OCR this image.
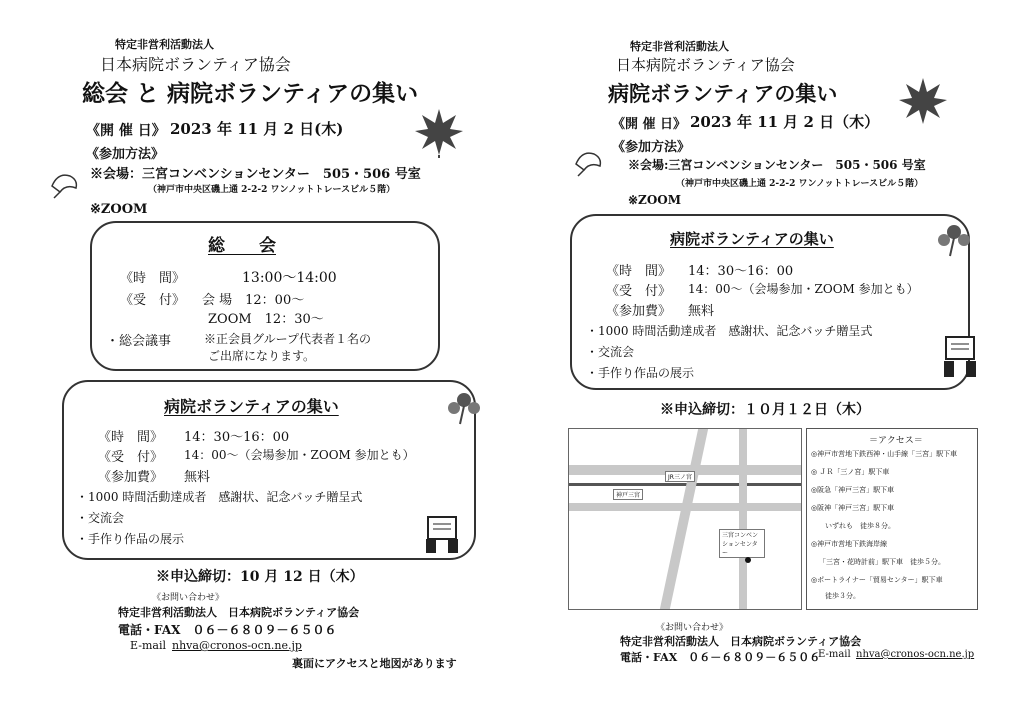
特定非営利活動法人
日本病院ボランティア協会
総会 と 病院ボランティアの集い
《開 催 日》 2023 年 11 月 2 日(木)
《参加方法》
※会場：三宮コンベンションセンター　505・506 号室
（神戸市中央区磯上通 2-2-2 ワンノットトレースビル５階）
※ZOOM
総　　会
《時　間》	13:00～14:00
《受　付》 会 場　12：00～
ZOOM　12：30～
・総会議事	※正会員グループ代表者１名の
ご出席になります。
病院ボランティアの集い
《時　間》 14：30～16：00
《受　付》 14：00～（会場参加・ZOOM 参加とも）
《参加費》 無料
・1000 時間活動達成者　感謝状、記念バッチ贈呈式
・交流会
・手作り作品の展示
※申込締切：10 月 12 日（木）
《お問い合わせ》
特定非営利活動法人　日本病院ボランティア協会
電話・FAX　０６－６８０９－６５０６
E-mail nhva@cronos-ocn.ne.jp
裏面にアクセスと地図があります
特定非営利活動法人
日本病院ボランティア協会
病院ボランティアの集い
《開 催 日》 2023 年 11 月 2 日（木）
《参加方法》
※会場:三宮コンベンションセンター　505・506 号室
（神戸市中央区磯上通 2-2-2 ワンノットトレースビル５階）
※ZOOM
病院ボランティアの集い
《時　間》 14：30～16：00
《受　付》 14：00～（会場参加・ZOOM 参加とも）
《参加費》 無料
・1000 時間活動達成者　感謝状、記念バッチ贈呈式
・交流会
・手作り作品の展示
※申込締切：１０月１２日（木）
JR三ノ宮
神戸三宮
三宮コンベンションセンター
＝アクセス＝
◎神戸市営地下鉄西神・山手線「三宮」駅下車
◎ ＪＲ「三ノ宮」駅下車
◎阪急「神戸三宮」駅下車
◎阪神「神戸三宮」駅下車
いずれも　徒歩８分。
◎神戸市営地下鉄海岸線
「三宮・花時計前」駅下車　徒歩５分。
◎ポートライナー「貿易センター」駅下車
徒歩３分。
《お問い合わせ》
特定非営利活動法人　日本病院ボランティア協会
電話・FAX　０６－６８０９－６５０６
E-mail nhva@cronos-ocn.ne.jp
